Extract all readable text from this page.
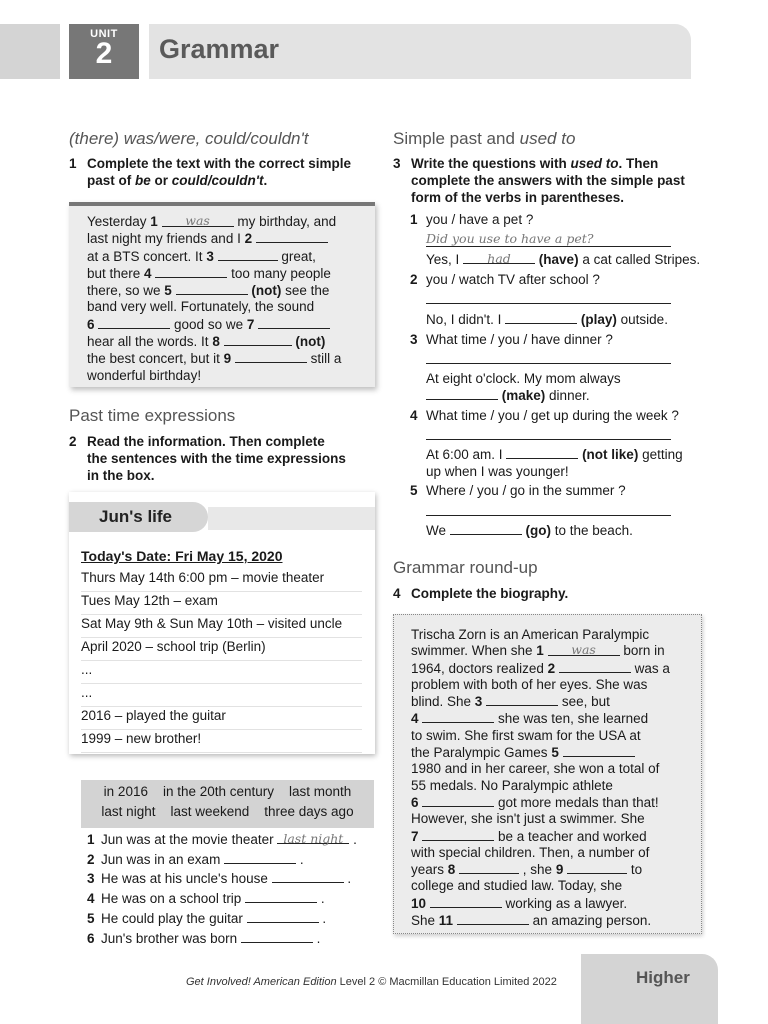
UNIT
2	Grammar
(there) was/were, could/couldn't
1 Complete the text with the correct simple
past of be or could/couldn't.
Yesterday 1 was my birthday, and
last night my friends and I 2
at a BTS concert. It 3	great,
but there 4	too many people
there, so we 5	(not) see the
band very well. Fortunately, the sound
6	good so we 7
hear all the words. It 8	(not)
the best concert, but it 9	still a
wonderful birthday!
Past time expressions
2 Read the information. Then complete
the sentences with the time expressions
in the box.
Jun's life
Today's Date: Fri May 15, 2020
Thurs May 14th 6:00 pm – movie theater
Tues May 12th – exam
Sat May 9th & Sun May 10th – visited uncle
April 2020 – school trip (Berlin)
...
...
2016 – played the guitar
1999 – new brother!
in 2016    in the 20th century    last month
last night    last weekend    three days ago
1 Jun was at the movie theater last night .
2 Jun was in an exam	.
3 He was at his uncle's house	.
4 He was on a school trip	.
5 He could play the guitar	.
6 Jun's brother was born	.
Simple past and used to
3 Write the questions with used to. Then
complete the answers with the simple past
form of the verbs in parentheses.
1 you / have a pet ?
Did you use to have a pet?
Yes, I had (have) a cat called Stripes.
2 you / watch TV after school ?
No, I didn't. I	(play) outside.
3 What time / you / have dinner ?
At eight o'clock. My mom always
(make) dinner.
4 What time / you / get up during the week ?
At 6:00 am. I	(not like) getting
up when I was younger!
5 Where / you / go in the summer ?
We	(go) to the beach.
Grammar round-up
4 Complete the biography.
Trischa Zorn is an American Paralympic
swimmer. When she 1 was born in
1964, doctors realized 2	was a
problem with both of her eyes. She was
blind. She 3	see, but
4	she was ten, she learned
to swim. She first swam for the USA at
the Paralympic Games 5
1980 and in her career, she won a total of
55 medals. No Paralympic athlete
6	got more medals than that!
However, she isn't just a swimmer. She
7	be a teacher and worked
with special children. Then, a number of
years 8	, she 9	to
college and studied law. Today, she
10	working as a lawyer.
She 11	an amazing person.
Get Involved! American Edition Level 2 © Macmillan Education Limited 2022	Higher
